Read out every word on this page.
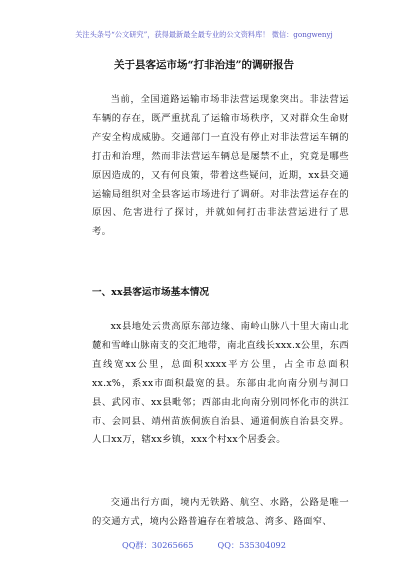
关注头条号“公文研究”，获得最新最全最专业的公文资料库！ 微信：gongwenyj
关于县客运市场“打非治违”的调研报告

当前，全国道路运输市场非法营运现象突出。非法营运车辆的存在，既严重扰乱了运输市场秩序，又对群众生命财产安全构成威胁。交通部门一直没有停止对非法营运车辆的打击和治理，然而非法营运车辆总是屡禁不止，究竟是哪些原因造成的，又有何良策，带着这些疑问，近期，xx县交通运输局组织对全县客运市场进行了调研。对非法营运存在的原因、危害进行了探讨，并就如何打击非法营运进行了思考。

一、xx县客运市场基本情况

xx县地处云贵高原东部边缘、南岭山脉八十里大南山北麓和雪峰山脉南支的交汇地带，南北直线长xxx.x公里，东西直线宽xx公里，总面积xxxx平方公里，占全市总面积xx.x%，系xx市面积最宽的县。东部由北向南分别与洞口县、武冈市、xx县毗邻；西部由北向南分别同怀化市的洪江市、会同县、靖州苗族侗族自治县、通道侗族自治县交界。人口xx万，辖xx乡镇，xxx个村xx个居委会。

交通出行方面，境内无铁路、航空、水路，公路是唯一的交通方式，境内公路普遍存在着坡急、湾多、路面窄、

QQ群：30265665	QQ：535304092
